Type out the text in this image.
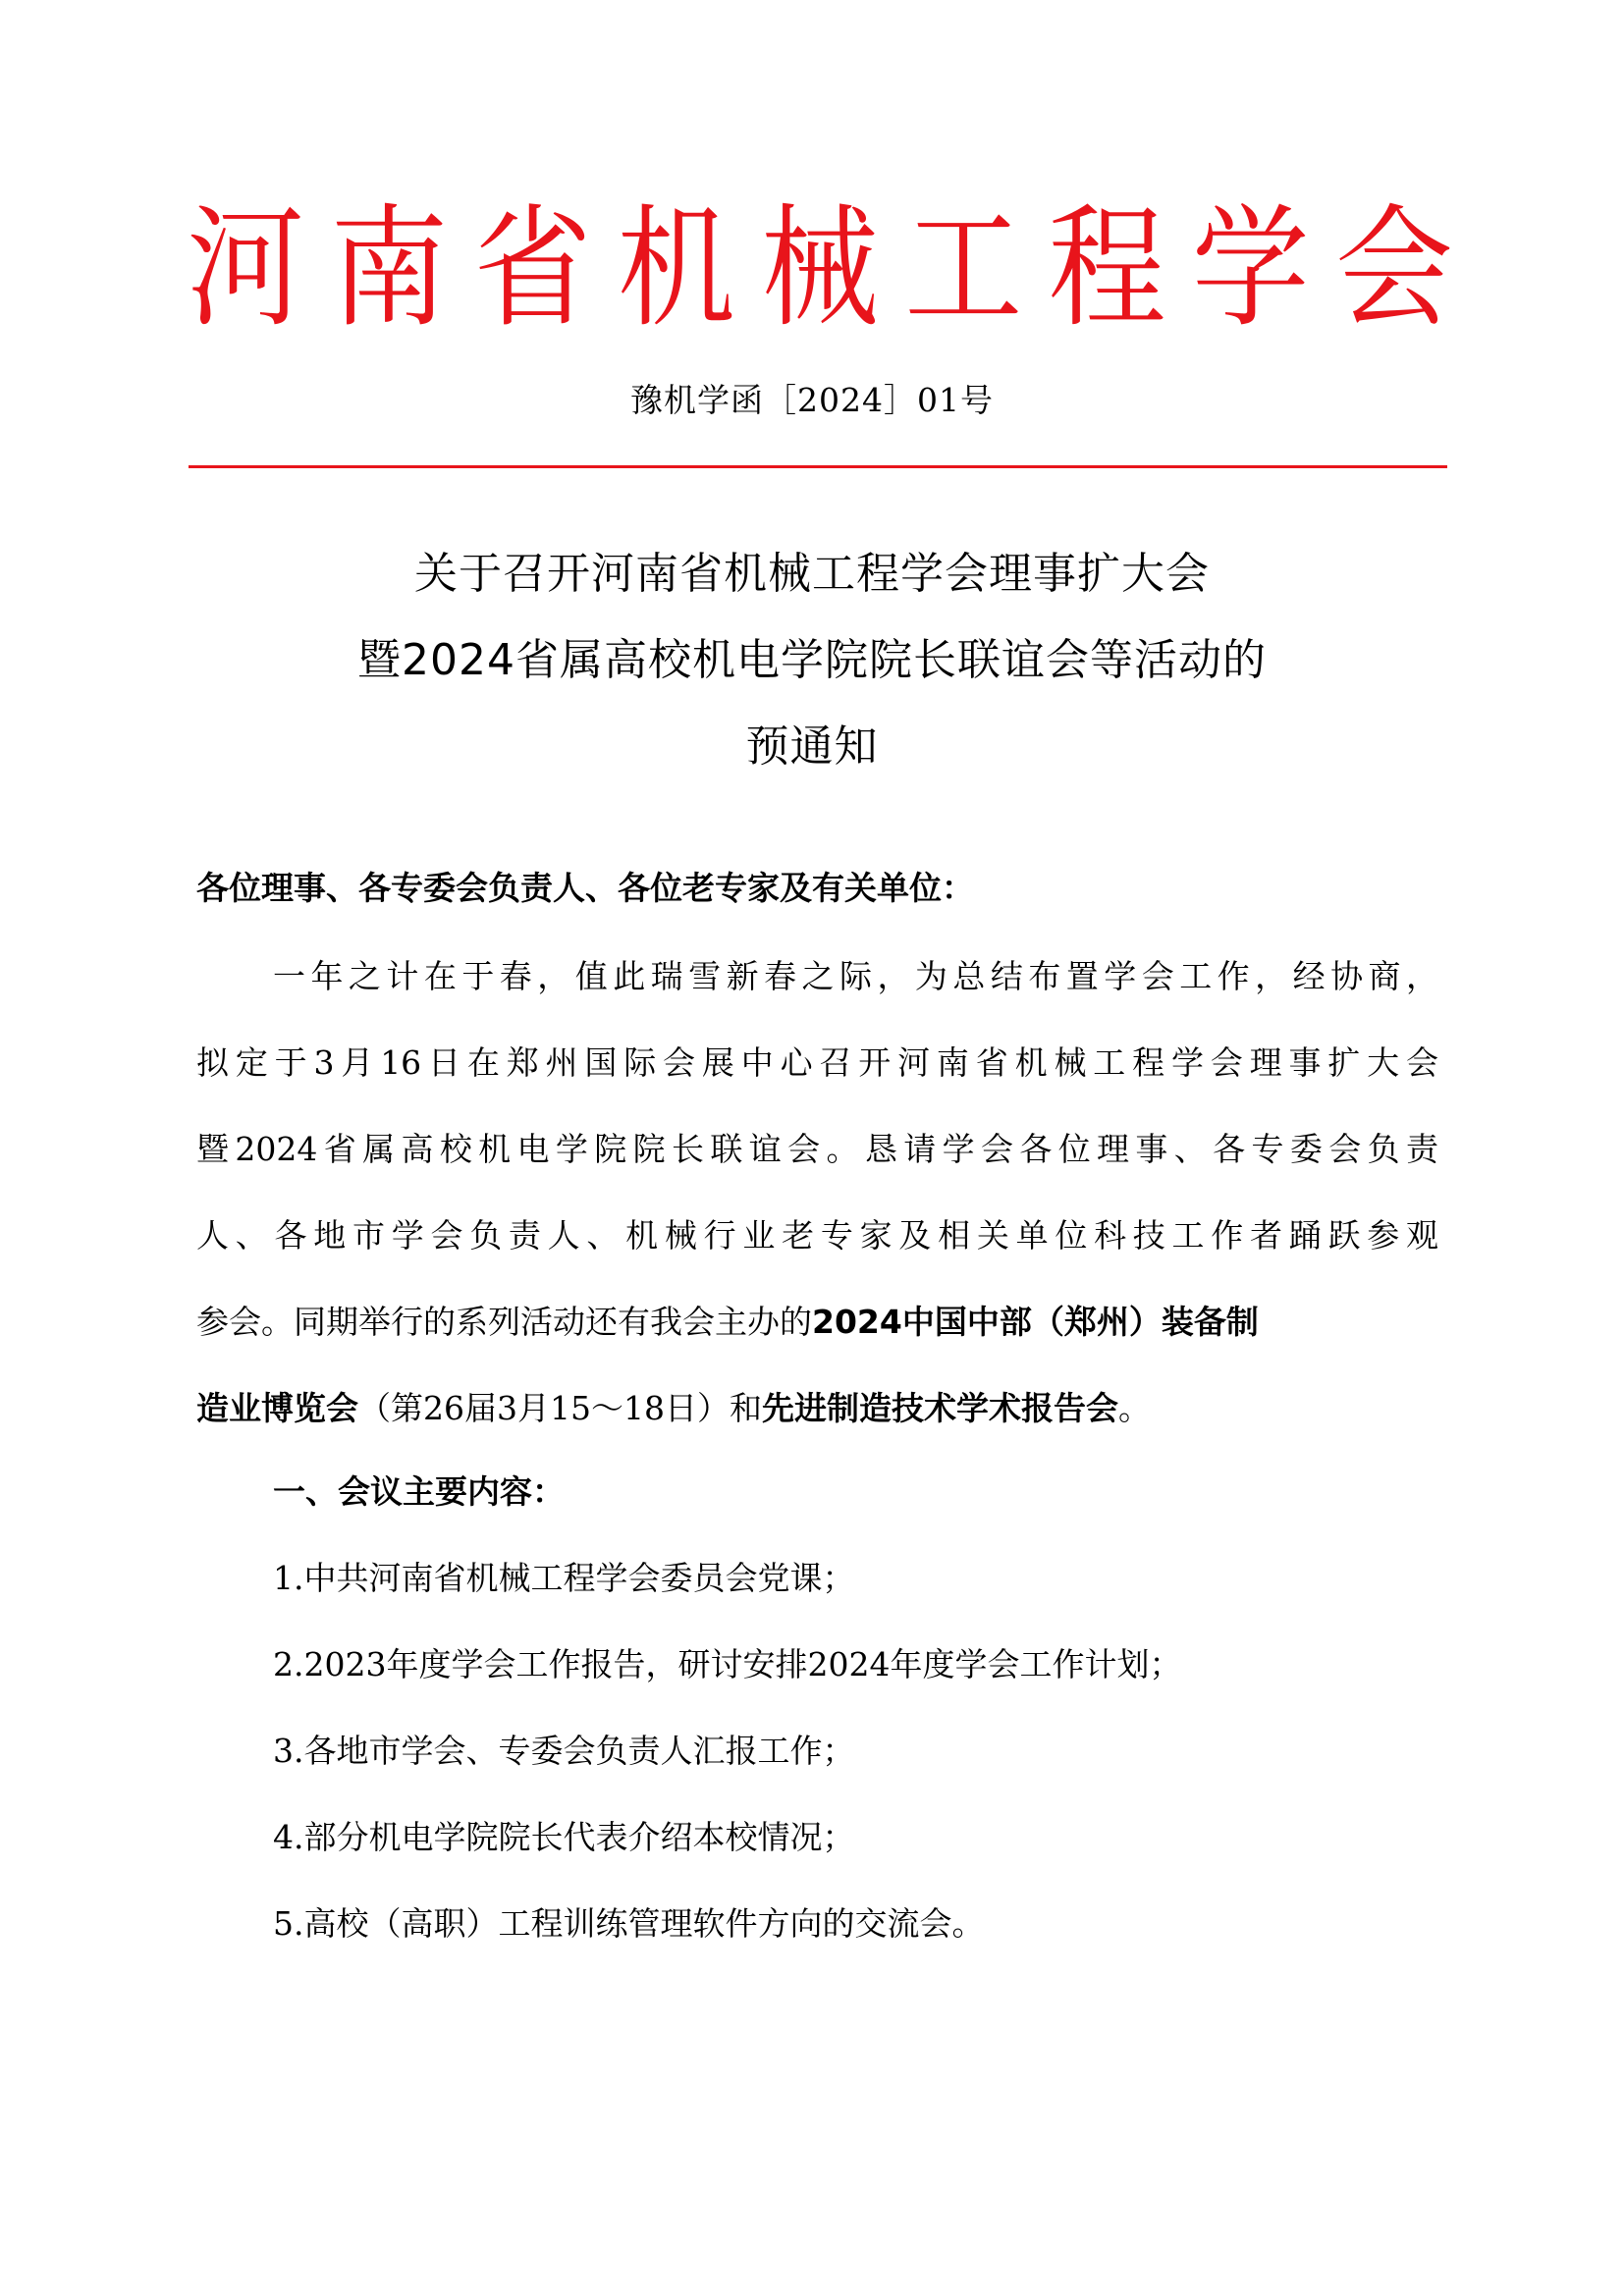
河 南 省 机 械 工 程 学 会
豫机学函［2024］01号
关于召开河南省机械工程学会理事扩大会
暨2024省属高校机电学院院长联谊会等活动的
预通知
各位理事、各专委会负责人、各位老专家及有关单位：
一年之计在于春，值此瑞雪新春之际，为总结布置学会工作，经协商，
拟定于3月16日在郑州国际会展中心召开河南省机械工程学会理事扩大会
暨2024省属高校机电学院院长联谊会。恳请学会各位理事、各专委会负责
人、各地市学会负责人、机械行业老专家及相关单位科技工作者踊跃参观
参会。同期举行的系列活动还有我会主办的2024中国中部（郑州）装备制
造业博览会（第26届3月15～18日）和先进制造技术学术报告会。
一、会议主要内容：
1.中共河南省机械工程学会委员会党课；
2.2023年度学会工作报告，研讨安排2024年度学会工作计划；
3.各地市学会、专委会负责人汇报工作；
4.部分机电学院院长代表介绍本校情况；
5.高校（高职）工程训练管理软件方向的交流会。
